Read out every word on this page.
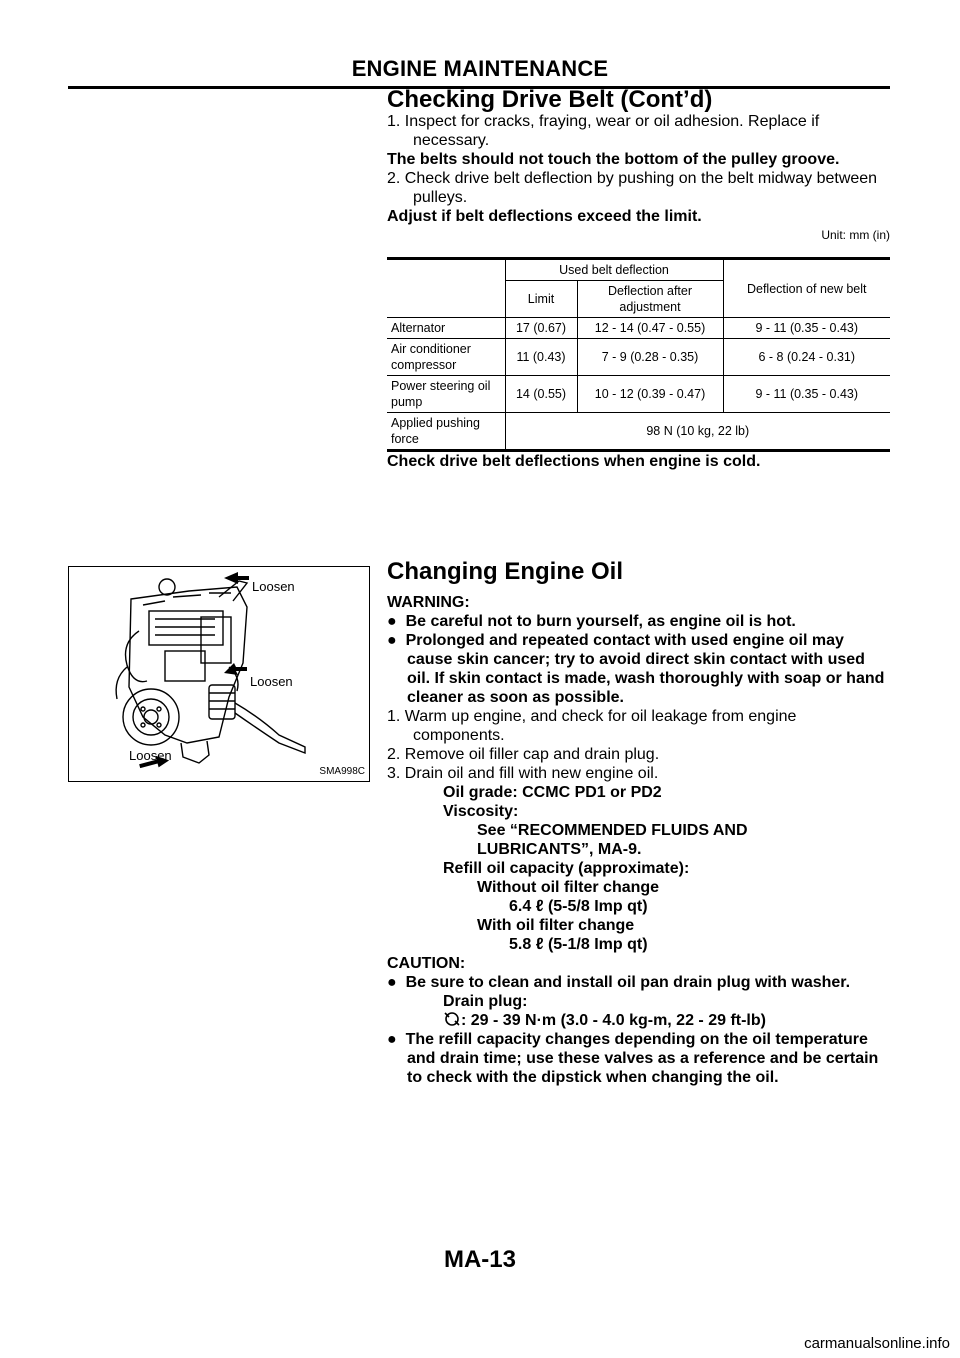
ENGINE MAINTENANCE
Checking Drive Belt (Cont’d)

1. Inspect for cracks, fraying, wear or oil adhesion. Replace if necessary.

The belts should not touch the bottom of the pulley groove.

2. Check drive belt deflection by pushing on the belt midway between pulleys.

Adjust if belt deflections exceed the limit.

Unit: mm (in)

	Used belt deflection		Deflection of new belt
	Limit	Deflection after adjustment	
Alternator	17 (0.67)	12 - 14 (0.47 - 0.55)	9 - 11 (0.35 - 0.43)
Air conditioner compressor	11 (0.43)	7 - 9 (0.28 - 0.35)	6 - 8 (0.24 - 0.31)
Power steering oil pump	14 (0.55)	10 - 12 (0.39 - 0.47)	9 - 11 (0.35 - 0.43)
Applied pushing force	98 N (10 kg, 22 lb)		

Check drive belt deflections when engine is cold.

Loosen
Loosen
Loosen
SMA998C

Changing Engine Oil

WARNING:

●  Be careful not to burn yourself, as engine oil is hot.

●  Prolonged and repeated contact with used engine oil may cause skin cancer; try to avoid direct skin contact with used oil. If skin contact is made, wash thoroughly with soap or hand cleaner as soon as possible.

1. Warm up engine, and check for oil leakage from engine components.

2. Remove oil filler cap and drain plug.

3. Drain oil and fill with new engine oil.

Oil grade: CCMC PD1 or PD2

Viscosity:

See “RECOMMENDED FLUIDS AND

LUBRICANTS”, MA-9.

Refill oil capacity (approximate):

Without oil filter change

6.4 ℓ (5-5/8 Imp qt)

With oil filter change

5.8 ℓ (5-1/8 Imp qt)

CAUTION:

●  Be sure to clean and install oil pan drain plug with washer.

Drain plug:

: 29 - 39 N·m (3.0 - 4.0 kg-m, 22 - 29 ft-lb)

●  The refill capacity changes depending on the oil temperature and drain time; use these valves as a reference and be certain to check with the dipstick when changing the oil.

MA-13
carmanualsonline.info
